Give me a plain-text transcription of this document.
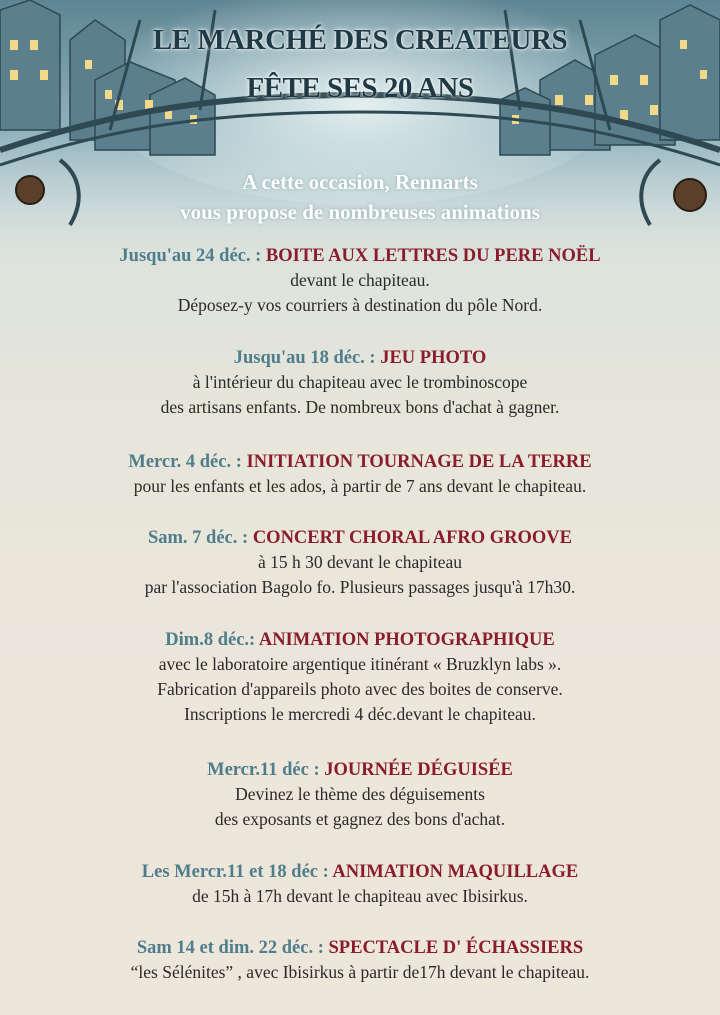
LE MARCHÉ DES CREATEURS
FÊTE SES 20 ANS
A cette occasion, Rennarts
vous propose de nombreuses animations
Jusqu'au 24 déc. : BOITE AUX LETTRES DU PERE NOËL
devant le chapiteau.
Déposez-y vos courriers à destination du pôle Nord.
Jusqu'au 18 déc. : JEU PHOTO
à l'intérieur du chapiteau avec le trombinoscope
des artisans enfants. De nombreux bons d'achat à gagner.
Mercr. 4 déc. : INITIATION TOURNAGE DE LA TERRE
pour les enfants et les ados, à partir de 7 ans devant le chapiteau.
Sam. 7 déc. : CONCERT CHORAL AFRO GROOVE
à 15 h 30 devant le chapiteau
par l'association Bagolo fo. Plusieurs passages jusqu'à 17h30.
Dim.8 déc.: ANIMATION PHOTOGRAPHIQUE
avec le laboratoire argentique itinérant « Bruzklyn labs ».
Fabrication d'appareils photo avec des boites de conserve.
Inscriptions le mercredi 4 déc.devant le chapiteau.
Mercr.11 déc : JOURNÉE DÉGUISÉE
Devinez le thème des déguisements
des exposants et gagnez des bons d'achat.
Les Mercr.11 et 18 déc : ANIMATION MAQUILLAGE
de 15h à 17h devant le chapiteau avec Ibisirkus.
Sam 14 et dim. 22 déc. : SPECTACLE D' ÉCHASSIERS
“les Sélénites” , avec Ibisirkus à partir de17h devant le chapiteau.
